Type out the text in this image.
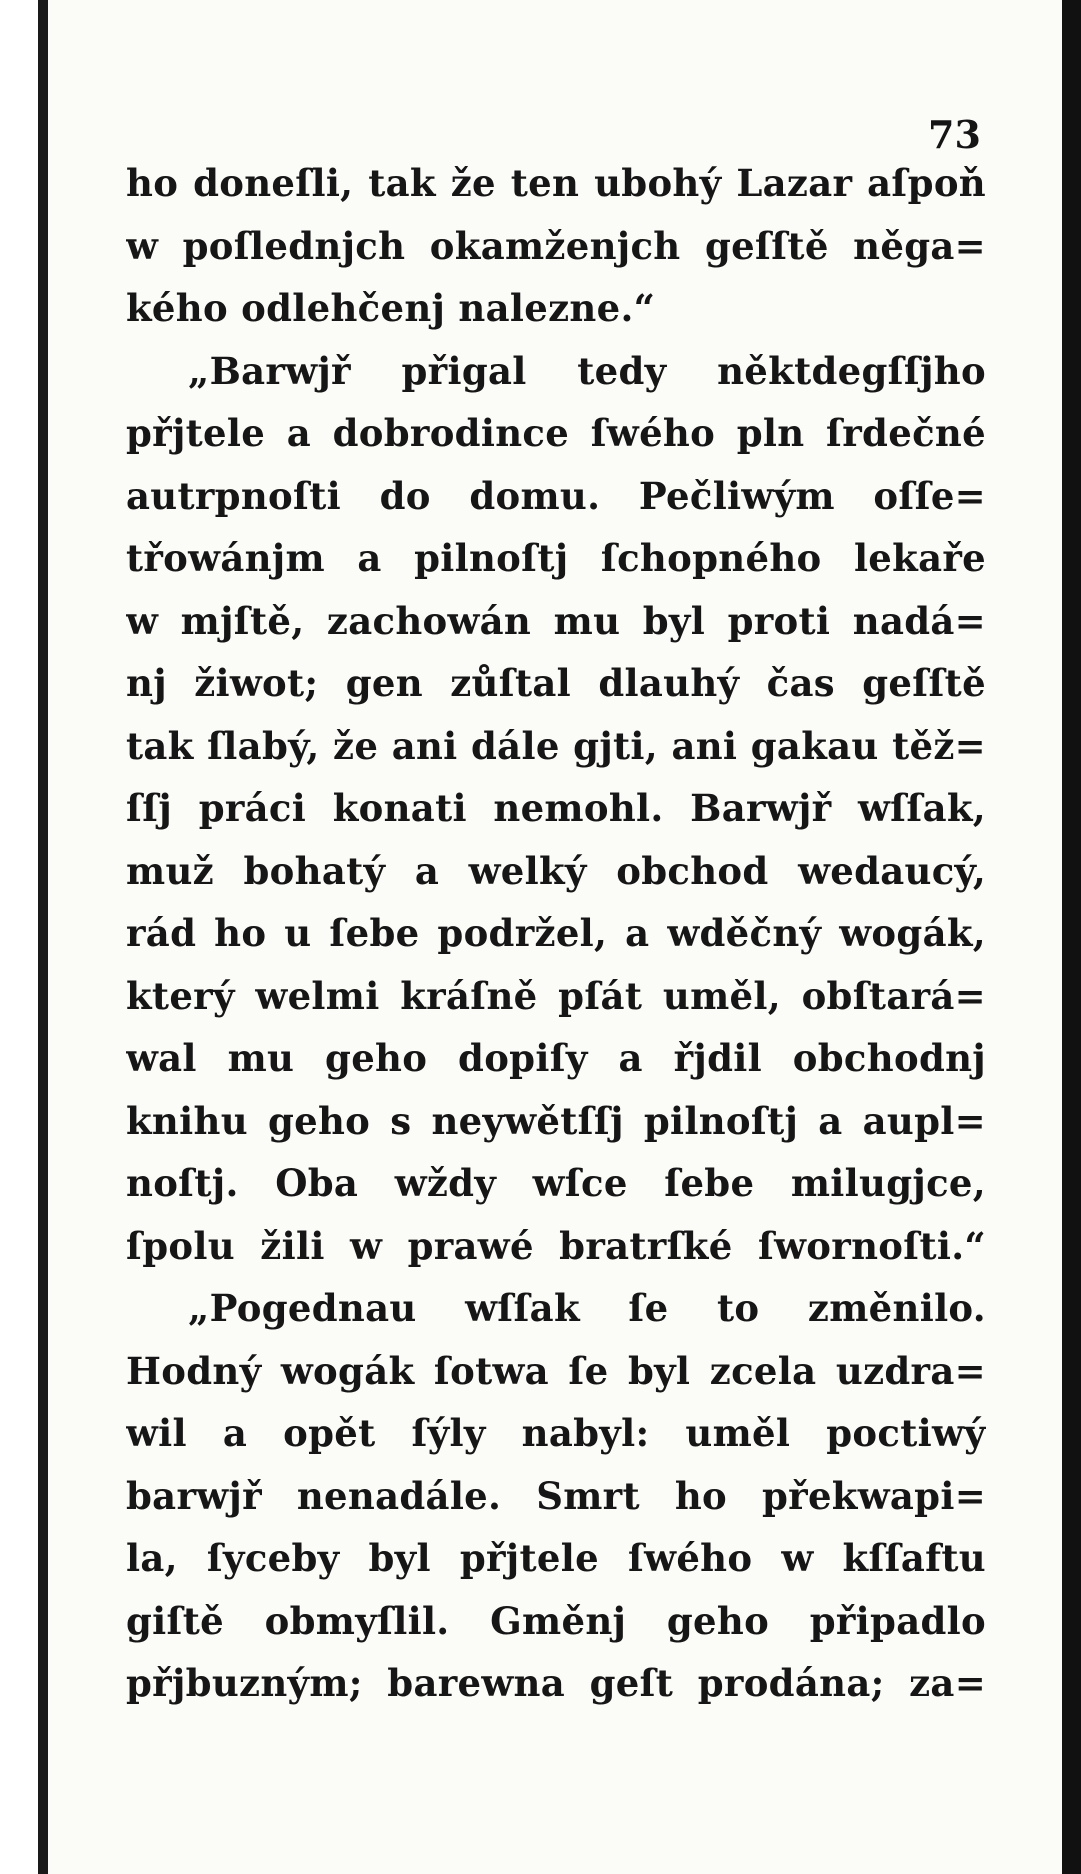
73
ho doneſli, tak že ten ubohý Lazar aſpoň
w poſlednjch okamženjch geſſtě něga=
kého odlehčenj nalezne.“
„Barwjř přigal tedy něktdegſſjho
přjtele a dobrodince ſwého pln ſrdečné
autrpnoſti do domu. Pečliwým oſſe=
třowánjm a pilnoſtj ſchopného lekaře
w mjſtě, zachowán mu byl proti nadá=
nj žiwot; gen zůſtal dlauhý čas geſſtě
tak ſlabý, že ani dále gjti, ani gakau těž=
ſſj práci konati nemohl. Barwjř wſſak,
muž bohatý a welký obchod wedaucý,
rád ho u ſebe podržel, a wděčný wogák,
který welmi kráſně pſát uměl, obſtará=
wal mu geho dopiſy a řjdil obchodnj
knihu geho s neywětſſj pilnoſtj a aupl=
noſtj. Oba wždy wſce ſebe milugjce,
ſpolu žili w prawé bratrſké ſwornoſti.“
„Pogednau wſſak ſe to změnilo.
Hodný wogák ſotwa ſe byl zcela uzdra=
wil a opět ſýly nabyl: uměl poctiwý
barwjř nenadále. Smrt ho překwapi=
la, ſyceby byl přjtele ſwého w kſſaftu
giſtě obmyſlil. Gměnj geho připadlo
přjbuzným; barewna geſt prodána; za=
